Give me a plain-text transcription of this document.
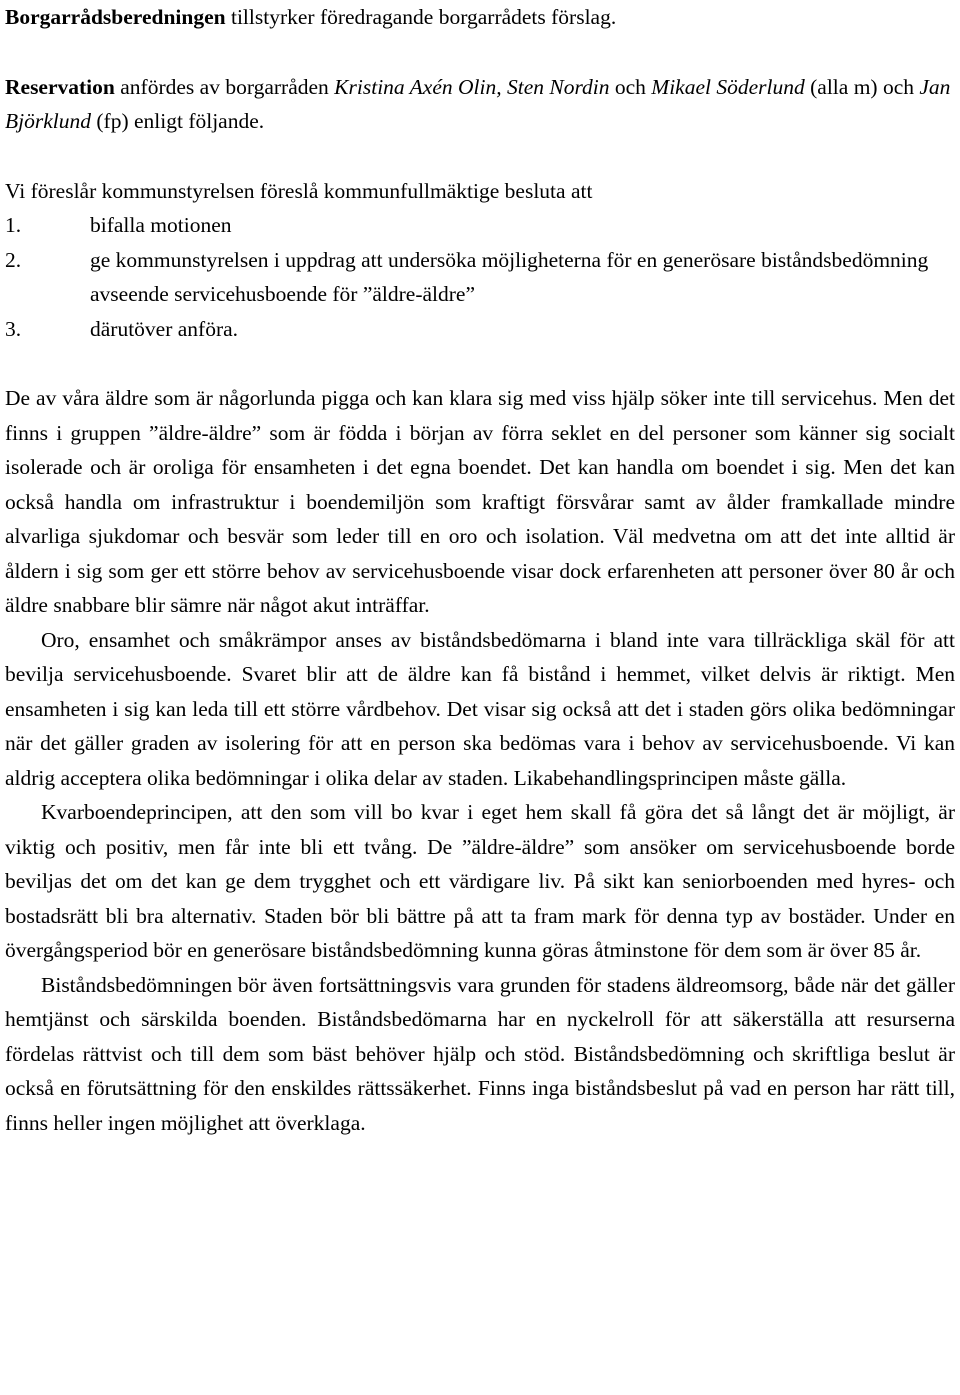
Borgarrådsberedningen tillstyrker föredragande borgarrådets förslag.

Reservation anfördes av borgarråden Kristina Axén Olin, Sten Nordin och Mikael Söderlund (alla m) och Jan Björklund (fp) enligt följande.

Vi föreslår kommunstyrelsen föreslå kommunfullmäktige besluta att

1.	bifalla motionen
2.	ge kommunstyrelsen i uppdrag att undersöka möjligheterna för en generösare biståndsbedömning avseende servicehusboende för ”äldre-äldre”
3.	därutöver anföra.

De av våra äldre som är någorlunda pigga och kan klara sig med viss hjälp söker inte till servicehus. Men det finns i gruppen ”äldre-äldre” som är födda i början av förra seklet en del personer som känner sig socialt isolerade och är oroliga för ensamheten i det egna boendet. Det kan handla om boendet i sig. Men det kan också handla om infrastruktur i boendemiljön som kraftigt försvårar samt av ålder framkallade mindre alvarliga sjukdomar och besvär som leder till en oro och isolation. Väl medvetna om att det inte alltid är åldern i sig som ger ett större behov av servicehusboende visar dock erfarenheten att personer över 80 år och äldre snabbare blir sämre när något akut inträffar.

Oro, ensamhet och småkrämpor anses av biståndsbedömarna i bland inte vara tillräckliga skäl för att bevilja servicehusboende. Svaret blir att de äldre kan få bistånd i hemmet, vilket delvis är riktigt. Men ensamheten i sig kan leda till ett större vårdbehov. Det visar sig också att det i staden görs olika bedömningar när det gäller graden av isolering för att en person ska bedömas vara i behov av servicehusboende. Vi kan aldrig acceptera olika bedömningar i olika delar av staden. Likabehandlingsprincipen måste gälla.

Kvarboendeprincipen, att den som vill bo kvar i eget hem skall få göra det så långt det är möjligt, är viktig och positiv, men får inte bli ett tvång. De ”äldre-äldre” som ansöker om servicehusboende borde beviljas det om det kan ge dem trygghet och ett värdigare liv. På sikt kan seniorboenden med hyres- och bostadsrätt bli bra alternativ. Staden bör bli bättre på att ta fram mark för denna typ av bostäder. Under en övergångsperiod bör en generösare biståndsbedömning kunna göras åtminstone för dem som är över 85 år.

Biståndsbedömningen bör även fortsättningsvis vara grunden för stadens äldreomsorg, både när det gäller hemtjänst och särskilda boenden. Biståndsbedömarna har en nyckelroll för att säkerställa att resurserna fördelas rättvist och till dem som bäst behöver hjälp och stöd. Biståndsbedömning och skriftliga beslut är också en förutsättning för den enskildes rättssäkerhet. Finns inga biståndsbeslut på vad en person har rätt till, finns heller ingen möjlighet att överklaga.
